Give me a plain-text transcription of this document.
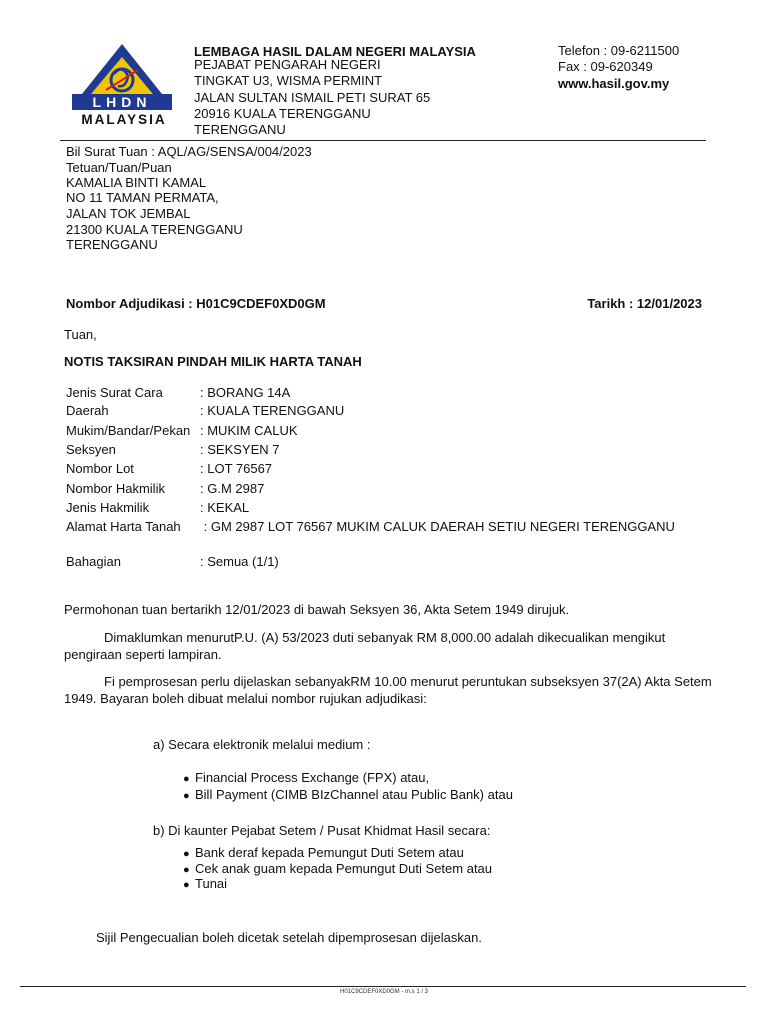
LHDN
MALAYSIA
LEMBAGA HASIL DALAM NEGERI MALAYSIA
PEJABAT PENGARAH NEGERI
TINGKAT U3, WISMA PERMINT
JALAN SULTAN ISMAIL PETI SURAT 65
20916 KUALA TERENGGANU
TERENGGANU
Telefon : 09-6211500
Fax : 09-620349
www.hasil.gov.my
Bil Surat Tuan : AQL/AG/SENSA/004/2023
Tetuan/Tuan/Puan
KAMALIA BINTI KAMAL
NO 11 TAMAN PERMATA,
JALAN TOK JEMBAL
21300 KUALA TERENGGANU
TERENGGANU
Nombor Adjudikasi : H01C9CDEF0XD0GM	Tarikh : 12/01/2023
Tuan,
NOTIS TAKSIRAN PINDAH MILIK HARTA TANAH
Jenis Surat Cara	: BORANG 14A
Daerah	: KUALA TERENGGANU
Mukim/Bandar/Pekan : MUKIM CALUK
Seksyen	: SEKSYEN 7
Nombor Lot	: LOT 76567
Nombor Hakmilik	: G.M 2987
Jenis Hakmilik	: KEKAL
Alamat Harta Tanah : GM 2987 LOT 76567 MUKIM CALUK DAERAH SETIU NEGERI TERENGGANU
Bahagian	: Semua (1/1)
Permohonan tuan bertarikh 12/01/2023 di bawah Seksyen 36, Akta Setem 1949 dirujuk.
Dimaklumkan menurutP.U. (A) 53/2023 duti sebanyak RM 8,000.00 adalah dikecualikan mengikut pengiraan seperti lampiran.
Fi pemprosesan perlu dijelaskan sebanyakRM 10.00 menurut peruntukan subseksyen 37(2A) Akta Setem 1949. Bayaran boleh dibuat melalui nombor rujukan adjudikasi:
a) Secara elektronik melalui medium :
● Financial Process Exchange (FPX) atau,
● Bill Payment (CIMB BIzChannel atau Public Bank) atau
b) Di kaunter Pejabat Setem / Pusat Khidmat Hasil secara:
● Bank deraf kepada Pemungut Duti Setem atau
● Cek anak guam kepada Pemungut Duti Setem atau
● Tunai
Sijil Pengecualian boleh dicetak setelah dipemprosesan dijelaskan.
H01C9CDEF0XD0GM - m.s 1 / 3
